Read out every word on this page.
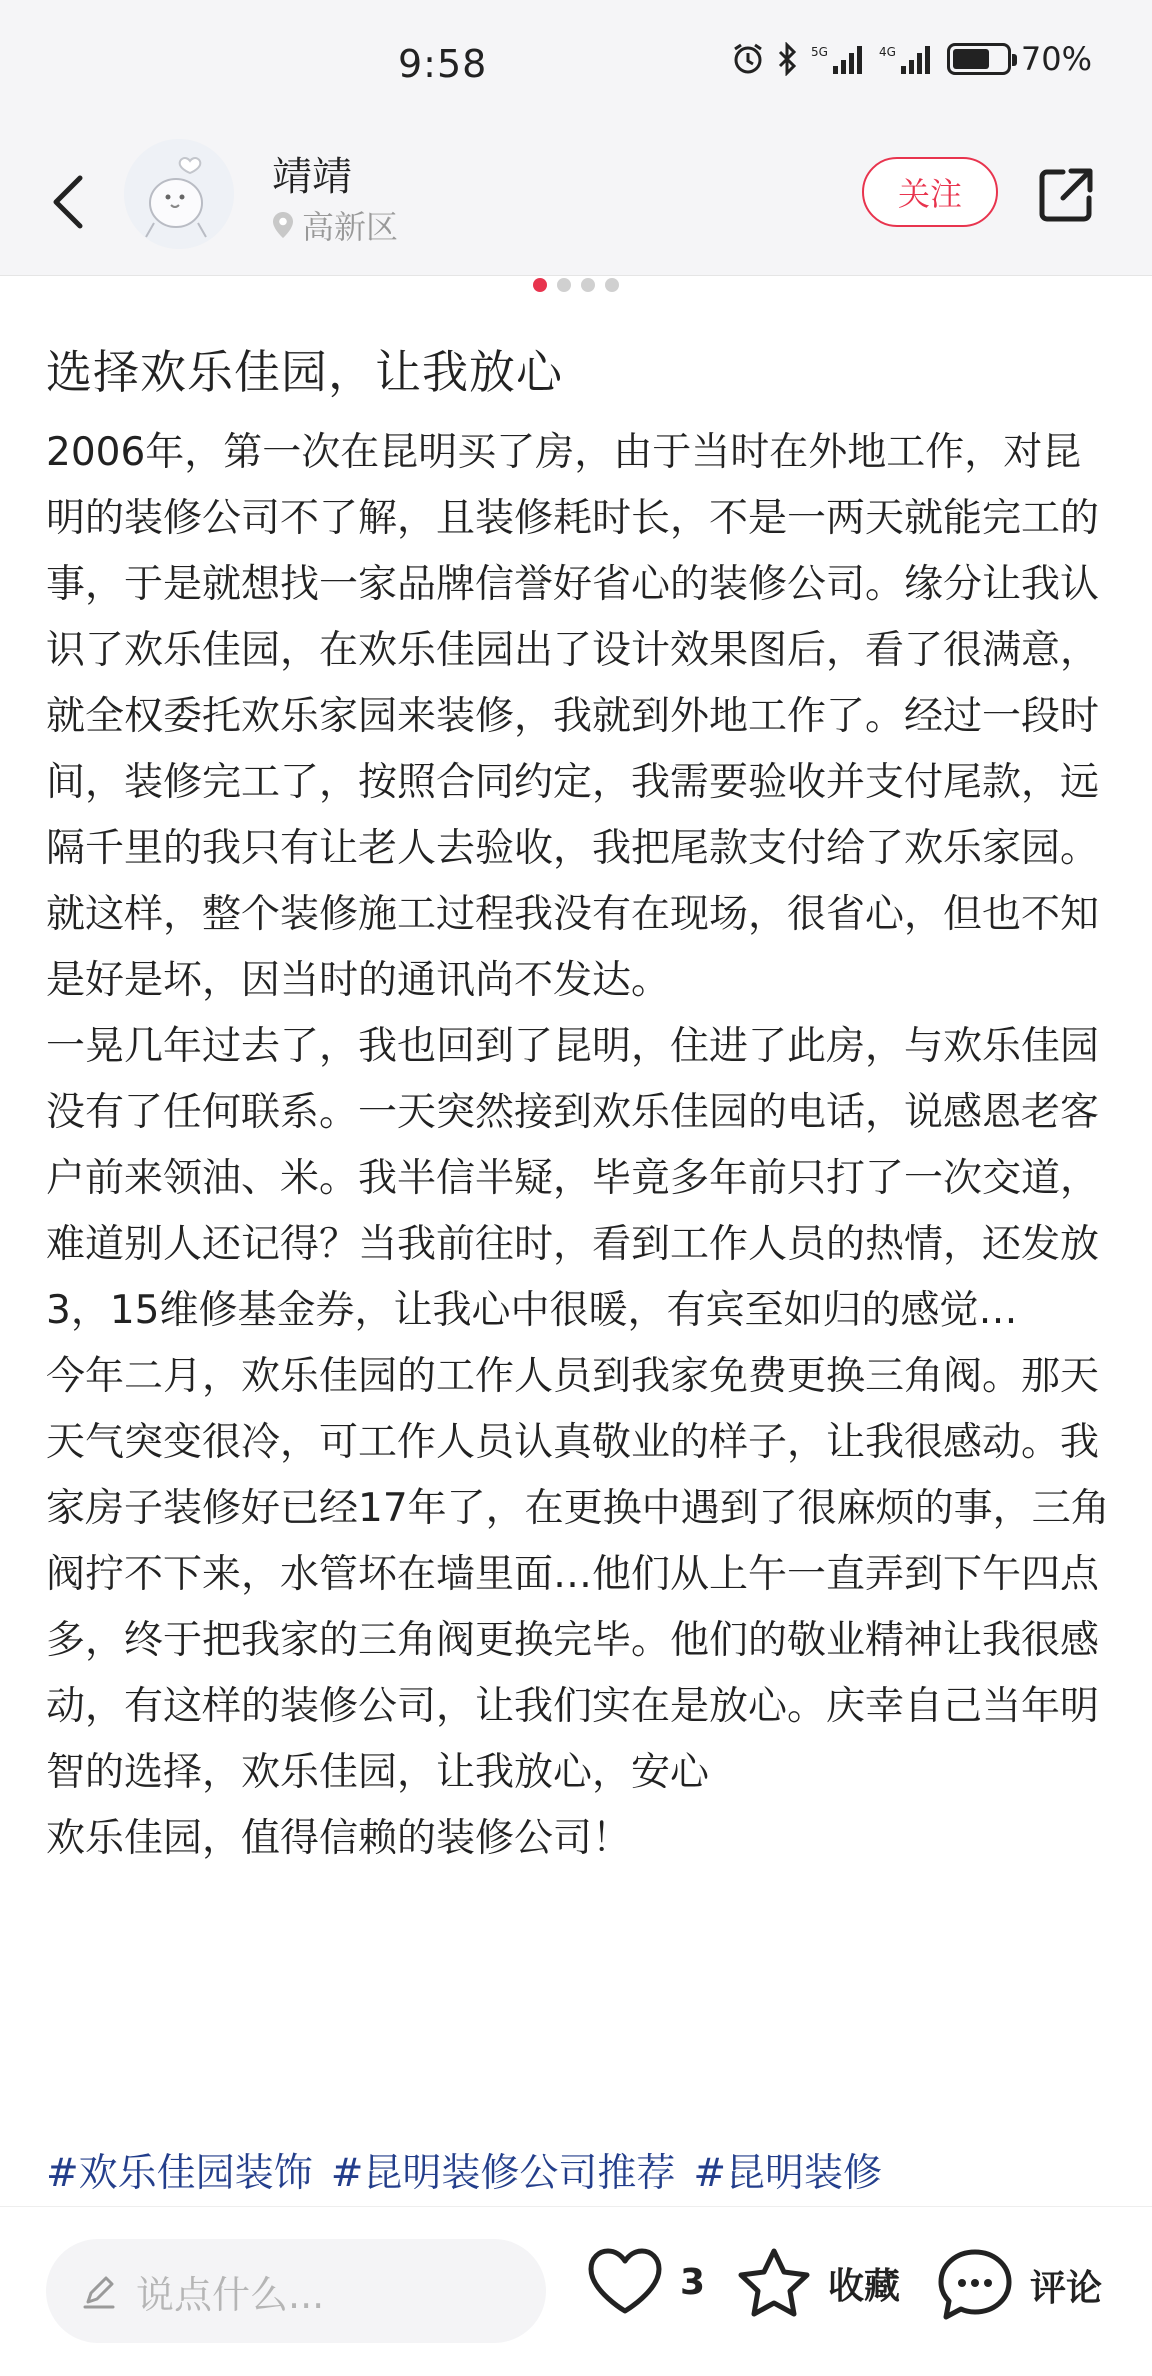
9:58	5G	4G	70%
靖靖
高新区
关注
选择欢乐佳园，让我放心
2006年，第一次在昆明买了房，由于当时在外地工作，对昆明的装修公司不了解，且装修耗时长，不是一两天就能完工的事，于是就想找一家品牌信誉好省心的装修公司。缘分让我认识了欢乐佳园，在欢乐佳园出了设计效果图后，看了很满意，就全权委托欢乐家园来装修，我就到外地工作了。经过一段时间，装修完工了，按照合同约定，我需要验收并支付尾款，远隔千里的我只有让老人去验收，我把尾款支付给了欢乐家园。就这样，整个装修施工过程我没有在现场，很省心，但也不知是好是坏，因当时的通讯尚不发达。
一晃几年过去了，我也回到了昆明，住进了此房，与欢乐佳园没有了任何联系。一天突然接到欢乐佳园的电话，说感恩老客户前来领油、米。我半信半疑，毕竟多年前只打了一次交道，难道别人还记得？当我前往时，看到工作人员的热情，还发放3，15维修基金券，让我心中很暖，有宾至如归的感觉…
今年二月，欢乐佳园的工作人员到我家免费更换三角阀。那天天气突变很冷，可工作人员认真敬业的样子，让我很感动。我家房子装修好已经17年了，在更换中遇到了很麻烦的事，三角阀拧不下来，水管坏在墙里面…他们从上午一直弄到下午四点多，终于把我家的三角阀更换完毕。他们的敬业精神让我很感动，有这样的装修公司，让我们实在是放心。庆幸自己当年明智的选择，欢乐佳园，让我放心，安心
欢乐佳园，值得信赖的装修公司！
#欢乐佳园装饰 #昆明装修公司推荐 #昆明装修
说点什么...	3	收藏	评论
